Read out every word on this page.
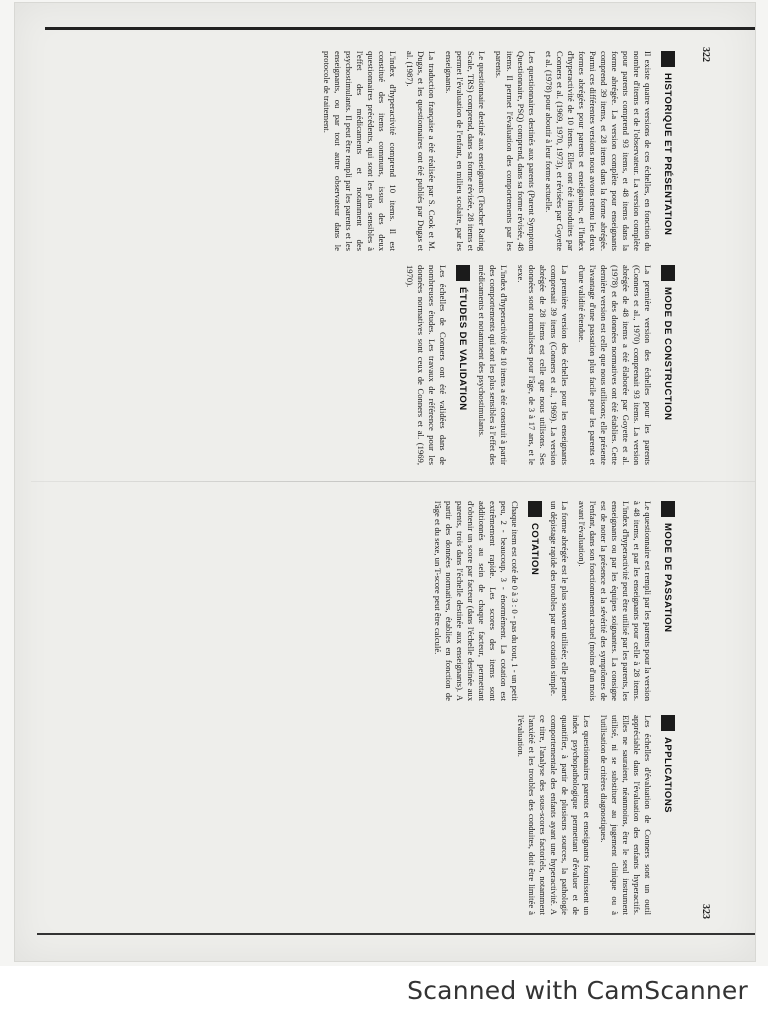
322
HISTORIQUE ET PRÉSENTATION

Il existe quatre versions de ces échelles, en fonction du nombre d'items et de l'observateur. La version complète pour parents comprend 93 items, et 48 items dans la forme abrégée. La version complète pour enseignants comprend 39 items, et 28 items dans la forme abrégée. Parmi ces différentes versions nous avons retenu les deux formes abrégées pour parents et enseignants, et l'Index d'hyperactivité de 10 items. Elles ont été introduites par Conners et al. (1969, 1970, 1973), et révisées par Goyette et al. (1978) pour aboutir à leur forme actuelle.

Les questionnaires destinés aux parents (Parent Symptom Questionnaire, PSQ) comprend, dans sa forme révisée, 48 items. Il permet l'évaluation des comportements par les parents.

Le questionnaire destiné aux enseignants (Teacher Rating Scale, TRS) comprend, dans sa forme révisée, 28 items et permet l'évaluation de l'enfant, en milieu scolaire, par les enseignants.

La traduction française a été réalisée par S. Cook et M. Dugas, et les questionnaires ont été publiés par Dugas et al. (1987).

L'index d'hyperactivité comprend 10 items. Il est constitué des items communs, issus des deux questionnaires précédents, qui sont les plus sensibles à l'effet des médicaments et notamment des psychostimulants. Il peut être rempli par les parents et les enseignants, ou par tout autre observateur dans le protocole de traitement.

MODE DE CONSTRUCTION

La première version des échelles pour les parents (Conners et al., 1970) comprenait 93 items. La version abrégée de 48 items a été élaborée par Goyette et al. (1978) et des données normatives ont été établies. Cette dernière version est celle que nous utilisons; elle présente l'avantage d'une passation plus facile pour les parents et d'une validité étendue.

La première version des échelles pour les enseignants comprenait 39 items (Conners et al., 1969). La version abrégée de 28 items est celle que nous utilisons. Ses données sont normalisées pour l'âge, de 3 à 17 ans, et le sexe.

L'index d'hyperactivité de 10 items a été construit à partir des comportements qui sont les plus sensibles à l'effet des médicaments et notamment des psychostimulants.

ÉTUDES DE VALIDATION

Les échelles de Conners ont été validées dans de nombreuses études. Les travaux de référence pour les données normatives sont ceux de Conners et al. (1969, 1970).

323
MODE DE PASSATION

Le questionnaire est rempli par les parents pour la version à 48 items, et par les enseignants pour celle à 28 items. L'index d'hyperactivité peut être utilisé par les parents, les enseignants ou par les équipes soignantes. La consigne est de noter la présence et la sévérité des symptômes de l'enfant, dans son fonctionnement actuel (moins d'un mois avant l'évaluation).

La forme abrégée est le plus souvent utilisée; elle permet un dépistage rapide des troubles par une cotation simple.

COTATION

Chaque item est coté de 0 à 3 : 0 - pas du tout, 1 - un petit peu, 2 - beaucoup, 3 - énormément. La cotation est extrêmement rapide. Les scores des items sont additionnés au sein de chaque facteur, permettant d'obtenir un score par facteur (dans l'échelle destinée aux parents, trois dans l'échelle destinée aux enseignants). A partir des données normatives, établies en fonction de l'âge et du sexe, un T-score peut être calculé.

APPLICATIONS

Les échelles d'évaluation de Conners sont un outil appréciable dans l'évaluation des enfants hyperactifs. Elles ne sauraient, néanmoins, être le seul instrument utilisé, ni se substituer au jugement clinique ou à l'utilisation de critères diagnostiques.

Les questionnaires parents et enseignants fournissent un index psychopathologique permettant d'évaluer et de quantifier, à partir de plusieurs sources, la pathologie comportementale des enfants ayant une hyperactivité. A ce titre, l'analyse des sous-scores factoriels, notamment l'anxiété et les troubles des conduites, doit être limitée à l'évaluation.

Scanned with CamScanner
